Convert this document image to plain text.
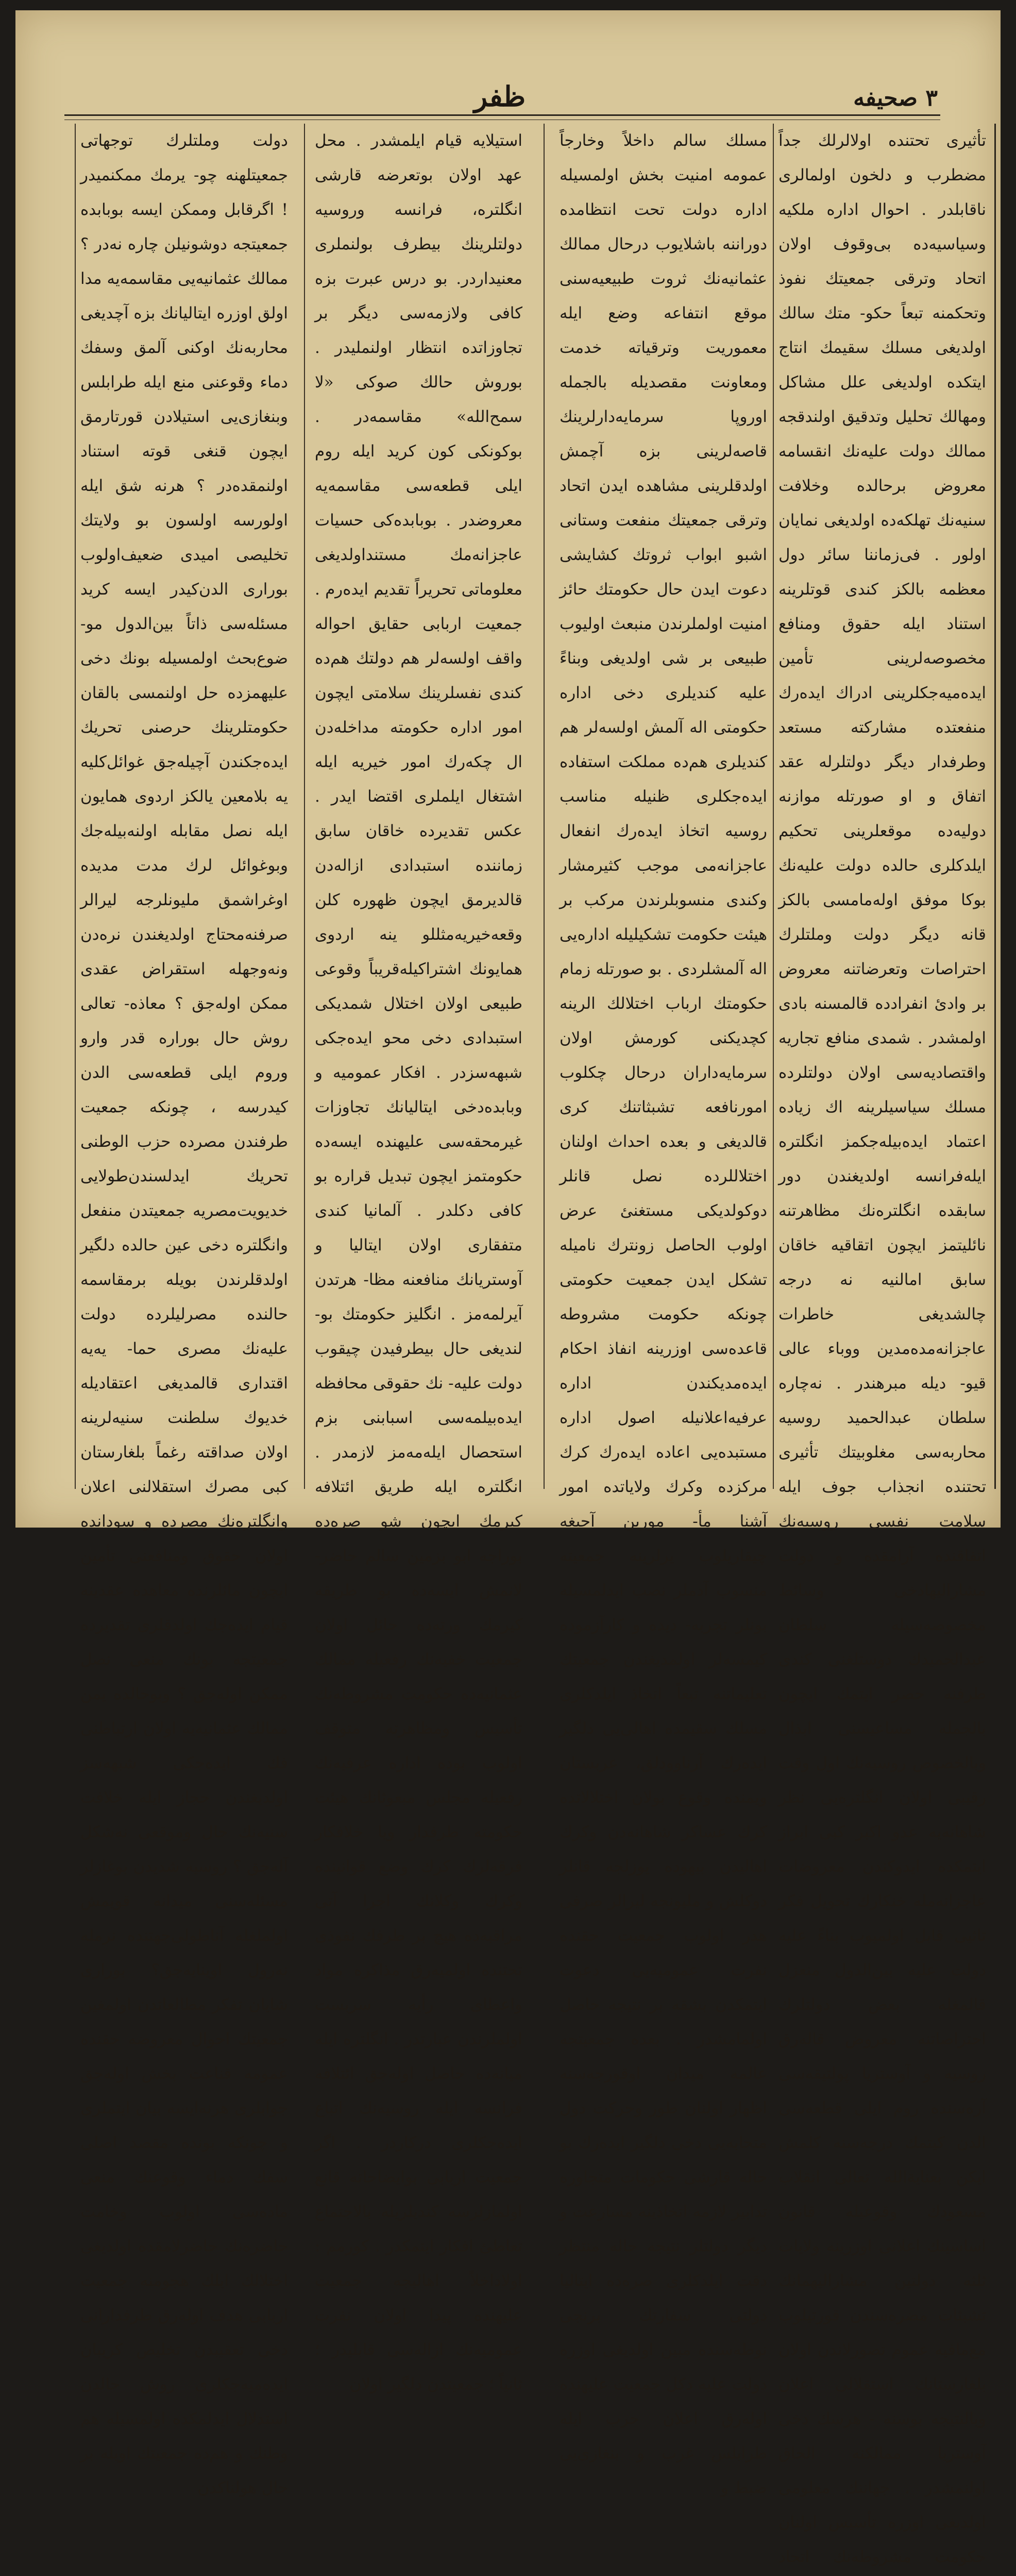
۳ صحیفه
ظفر

تأثیری تحتنده اولالرلك جداً مضطرب و دلخون اولمالری ناقابلدر . احوال اداره ملکیه وسیاسیه‌ده بی‌وقوف اولان اتحاد وترقی جمعیتك نفوذ وتحکمنه تبعاً حکو- متك سالك اولدیغی مسلك سقیمك انتاج ایتکده اولدیغی علل مشاکل ومهالك تحلیل وتدقیق اولندقجه ممالك دولت علیه‌نك انقسامه معروض برحالده وخلافت سنیه‌نك تهلکه‌ده اولدیغی نمایان اولور . فی‌زماننا سائر دول معظمه بالکز کندی قوتلرینه استناد ایله حقوق ومنافع مخصوصه‌لرینی تأمین ایده‌میه‌جکلرینی ادراك ایده‌رك منفعتده مشارکته مستعد وطرفدار دیگر دولتلرله عقد اتفاق و او صورتله موازنه دولیه‌ده موقعلرینی تحکیم ایلدکلری حالده دولت علیه‌نك بوکا موفق اولەمامسی بالکز قانه دیگر دولت وملتلرك احتراصات وتعرضاتنه معروض بر وادئ انفرادده قالمسنه بادی اولمشدر . شمدی منافع تجاریه واقتصادیه‌سی اولان دولتلرده مسلك سیاسیلرینه اك زیاده اعتماد ایده‌بیله‌جکمز انگلتره ایله‌فرانسه اولدیغندن دور سابقده انگلتره‌نك مظاهرتنه نائلیتمز ایچون اتقاقیه خاقان سابق امالنیه نه درجه چالشدیغی خاطرات عاجزانه‌مده‌مدین ووباء عالی قیو- دیله مبرهندر . نه‌چاره سلطان عبدالحمید روسیه محاربه‌سی مغلوبیتك تأثیری تحتنده انجذاب جوف ایله سلامت نفسی روسیه‌نك اتفاقنده آرامقده و دولت مشارالیهادخی وسائط مخصوصه‌سیله سلطان عبدالحمیدك دوستلغنی کندی طرفنه حصر ایتمك ایچون بالجمله مساعیسنی ابذال وبالخصوص روسیه‌نك اول وقت رقیبی اولان انگلتره‌یی نظر شاهانه‌یه عدو اکبر کبی ابراز ایتمکده ایدوکندن معروضات عاجزانه‌مله خنکارك تحویل فکر تاثیی قابل اولمیوب بناءً علیه دولت علیه بین‌الدول منعزل قالمغله بعض دولتلرك احتراصاتنه معروض قالەرق روسیه و آوستریا پولتیقه‌سی آره‌سنده روم ایلی قطعه‌سی الدن کیتمك درجه‌سنه کلمش ایکن بعنایة‌الله تعالی انقلاب مسعودك وقوعیله قانون اساسینك اعلانی اوزرینه ولایات ثلثه دولتین مشارالیهمانك تشبثات مضره‌سندن قورتیلوب مع‌مافیه عموم تصورلاندن اولان بلغارستانك استقلالی اعلان وبالنتیجه بوسنه - هرسك دخی آوستریا ممالکنه الحاق اولنمشدر . جهاننك معلومی اولدیغی اوزره تأسیس اولنان حکومت مشروطه‌نك اتحاد

مسلك سالم داخلاً وخارجاً عمومه امنیت بخش اولمسیله اداره دولت تحت انتظامده دوراننه باشلایوب درحال ممالك عثمانیه‌نك ثروت طبیعیه‌سنی موقع انتفاعه وضع ایله معموریت وترقیاته خدمت ومعاونت مقصدیله بالجمله اوروپا سرمایه‌دارلرینك قاصه‌لرینی بزه آچمش اولدقلرینی مشاهده ایدن اتحاد وترقی جمعیتك منفعت وستانی اشبو ابواب ثروتك کشایشی دعوت ایدن حال حکومتك حائز امنیت اولملرندن منبعث اولیوب طبیعی بر شی اولدیغی وبناءً علیه کندیلری دخی اداره حکومتی اله آلمش اولسه‌لر هم کندیلری هم‌ده مملکت استفاده ایده‌جکلری ظنیله مناسب ‌روسیه اتخاذ ایده‌رك انفعال عاجزانه‌می موجب کثیرمشار وکندی منسوبلرندن مرکب بر هیئت حکومت تشکیلیله اداره‌یی اله آلمشلردی . بو صورتله زمام حکومتك ارباب اختلالك الرینه کچدیکنی کورمش اولان سرمایه‌داران درحال چکلوب امورنافعه تشبثاتنك کری قالدیغی و بعده احداث اولنان اختلاللرده نصل قانلر دوکولدیکی مستغنئ عرض اولوب الحاصل زونترك نامیله تشکل ایدن جمعیت حکومتی چونکه حکومت مشروطه قاعده‌سی اوزرینه انفاذ احکام ایده‌مدیکندن اداره عرفیه‌اعلانیله اصول اداره مستبده‌یی اعاده ایده‌رك کرك مرکزده وکرك ولایاتده امور آشنا مأ- مورین آجیغه چیقاریلوب یرلرینه جمعیته منسوب آدملر نصب ایدلمسیله بونلر تجربه- دیده و کارآزموده کیمسه‌لر اولمدیغندن جمعیتك تعلیماتنه تبعاً اتخاذ ایلدکلری مسلك سقیمده اهالی‌یی دلگیر ایده‌رك آرناوودلق، عربستان ویمنده وقوع بولان اختلالاتده کرك عساکر شاهانه‌دن وکرك اهالیدن بیهوده یوزلجه قانلر دوکلش و ملیونجه لیرالر صرفی هدر اولوب جمعیت حقنده نفرت عمومیه‌یی دعوت ایتمکدن بشقه بر نتیجه حاصل اولمامشدر . بعده جمعیتجه عالمه میدان اوقورجه‌سنه اظهار اولنان طور وحرکت دول متحابه‌یی دخی دلگیر ایده‌رك بو حاله قارشی حکومات متجاوره تدابیر لازمه اتخاذینه مسارعت و دیگر دولتلر نتیجه حاله منتظر دقت ایلدکلری صره‌ده ایتالیا دولتی سفارتك برنجی نوطه‌سنده مبین اولدیغی اوزره دولت علیه دکل جمعیت علیهنده اولەرق اعلان حرب ایله طرابلس غرب و بنغازی‌یی ضبط و

استیلایه قیام ایلمشدر . محل عهد اولان بوتعرضه قارشی انگلتره، فرانسه وروسیه دولتلرینك بیطرف بولنملری معنیداردر. بو درس عبرت بزه کافی ولازمه‌سی دیگر بر تجاوزاتده انتظار اولنملیدر . بوروش حالك صوکی «لا سمح‌الله» مقاسمه‌در . بوکونکی کون کرید ایله روم ایلی قطعه‌سی مقاسمه‌یه معروضدر . بوبابده‌کی حسیات عاجزانه‌مك مستنداولدیغی معلوماتی تحریراً تقدیم ایده‌رم . جمعیت اربابی حقایق احواله واقف اولسه‌لر هم دولتك هم‌ده کندی نفسلرینك سلامتی ایچون امور اداره حکومته مداخله‌دن ال چکەرك امور خیریه ایله اشتغال ایلملری اقتضا ایدر . عکس تقدیرده خاقان سابق زماننده استبدادی ازاله‌دن قالدیرمق ایچون ظهوره کلن وقعه‌خیریه‌مثللو ینه اردوی همایونك اشتراکیله‌قریباً وقوعی طبیعی اولان اختلال شمدیکی استبدادی دخی محو ایده‌جکی شبهه‌سزدر . افکار عمومیه و وبابده‌دخی ایتالیانك تجاوزات غیرمحقه‌سی علیهنده ایسه‌ده حکومتمز ایچون تبدیل قراره بو کافی دکلدر . آلمانیا کندی متفقاری اولان ایتالیا و آوستریانك منافعنه مظا- هرتدن آیرلمه‌مز . انگلیز حکومتك بو- لندیغی حال بیطرفیدن چیقوب دولت علیه- نك حقوقی محافظه ایده‌بیلمه‌سی اسبابنی بزم استحصال ایلەمەمز لازمدر . انگلتره ایله طریق ائتلافه کیرمك ایچون شو صره‌ده بوراجه ابو بزمین سالم حاضر- لانمش ایسه‌ده بو طریقه کیرمك ورته‌ده حائل اولان جمعیت خفیه‌نك رفعیله ممالك عثمانیه‌ده حکومت مشروطه‌نك تأسیس ومظاهرته متوقف اولوب بوده اداره عرفیه‌نك رفعیله مجلس مبعوثانك هیئت حکومته طرفدار ویا خلافکار فرقه‌لرك کرك وضع قوانینده وکرك وکلانك اجرا آتی مراقبه‌ده هیچ بر طرفك نفوذی تحتنده اولمیه‌رق مذاکره مواد واعطای رأیه سربست اولملرندن عبارتدر . انگلتره ایله میانه‌ده حاصل اوله‌جق ائتلافه فرانسه ایله روسیه‌نك اتباع ایده‌جکلری درکاردر . اگر جمعیت اربابی بوایضاحاته قانع اولمازلرسه کندیلریله بالاجتماع تعاطئ افکار ایتمکدر . کورمم : اولاداخلاً اهالیجه جمعیت علیهنده پیدا اولان نفرت عمومیه‌نك ازاله‌سی قابلیدر ؛ ثانیاً ؛ جمعیتدن دلگیر اولان

دولت وملتلرك توجهاتی جمعیتلهنه چو- یرمك ممکنمیدر ! اگرقابل وممکن ایسه بوبابده جمعیتجه دوشونیلن چاره نه‌در ؟ ممالك عثمانیه‌یی مقاسمه‌یه مدا اولق اوزره ایتالیانك بزه آچدیغی محاربه‌نك اوکنی آلمق وسفك دماء وقوعنی منع ایله طرابلس وبنغازی‌یی استیلادن قورتارمق ایچون قنغی قوته استناد اولنمقده‌در ؟ هرنه شق ایله اولورسه اولسون بو ولایتك تخلیصی امیدی ضعیف‌اولوب بوراری الدن‌کیدر ایسه کرید مسئله‌سی ذاتاً بین‌الدول مو- ضوع‌بحث اولمسیله بونك دخی علیهمزده حل اولنمسی بالقان حکومتلرینك حرصنی تحریك ایده‌جکندن آچیله‌جق غوائل‌کلیه یه بلامعین یالکز اردوی همایون ایله نصل مقابله اولنه‌بیله‌جك وبوغوائل لرك مدت مدیده اوغراشمق ملیونلرجه لیرالر صرفنه‌محتاج اولدیغندن نرەدن ونەوجهله استقراض عقدی ممکن اوله‌جق ؟ معاذه- تعالی روش حال بوراره قدر وارو وروم ایلی قطعه‌سی الدن کیدرسه ، چونکه جمعیت طرفندن مصرده حزب الوطنی تحریك ایدلسندن‌طولایی خدیویت‌مصریه جمعیتدن منفعل وانگلتره دخی عین حالده دلگیر اولدقلرندن بویله برمقاسمه حالنده مصرلیلرده دولت علیه‌نك مصری حما- یه‌یه اقتداری قالمدیغی اعتقادیله خدیوك سلطنت سنیه‌لرینه اولان صداقته رغماً بلغارستان کبی مصرك استقلالنی اعلان وانگلتره‌نك مصرده و سوداندە اولان حقوق ومنافعنی تأمین ایچون مائلرنده معاهده عقدینه قیام ایده‌جك اولدقلری تقدیرده جمعیتجه بونك منعی نصل ممکن اوله‌جق ؟ وبوحالده یمن ممالك عثمانیه‌یه اولان ارتباطنی فك ایده‌جکی شبهه‌سز اولدیغندن حجاز ایله خلافت سنیه‌نك حال وموقعی نەشکل آله‌جق ؟ روسیه شدیدن بوغازلر مسئله‌سنی میدانه قویمش اولملغله آناطولی‌جهتنده نرمله نەرول اوینایه‌جق؟ بوراری شایان تفکر مطالعاتدن اولمغین جمعیتك احوال معروضه حقنده عمومه قناعت بخش اوله‌جق جوابلری هرنەایسه بیان ایتملری و چونکه بونده مقصد اصلی سفك دماء وقوعنك منعی ماده‌سی اولوب وخامت حاضره‌نك حاضرلامقده اولدیغی اختلالك ایلك هجومنه جمعیت اربابی هدف اولەرق طرفدارانی دخی تعقیبدن تخلیص کریبان ایده‌میه‌جکلری روش حالدن استدلال ایدلمکده اولمسیله هم وطنك و هم‌ده جمعیتك اویله بر حال هولناکدن
